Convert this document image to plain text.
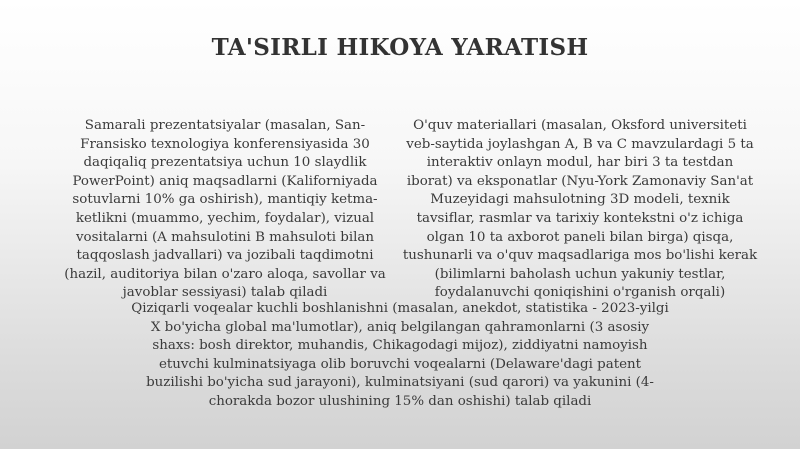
TA'SIRLI HIKOYA YARATISH

Samarali prezentatsiyalar (masalan, San-Fransisko texnologiya konferensiyasida 30 daqiqaliq prezentatsiya uchun 10 slaydlik PowerPoint) aniq maqsadlarni (Kaliforniyada sotuvlarni 10% ga oshirish), mantiqiy ketma-ketlikni (muammo, yechim, foydalar), vizual vositalarni (A mahsulotini B mahsuloti bilan taqqoslash jadvallari) va jozibali taqdimotni (hazil, auditoriya bilan o'zaro aloqa, savollar va javoblar sessiyasi) talab qiladi

O'quv materiallari (masalan, Oksford universiteti veb-saytida joylashgan A, B va C mavzulardagi 5 ta interaktiv onlayn modul, har biri 3 ta testdan iborat) va eksponatlar (Nyu-York Zamonaviy San'at Muzeyidagi mahsulotning 3D modeli, texnik tavsiflar, rasmlar va tarixiy kontekstni o'z ichiga olgan 10 ta axborot paneli bilan birga) qisqa, tushunarli va o'quv maqsadlariga mos bo'lishi kerak (bilimlarni baholash uchun yakuniy testlar, foydalanuvchi qoniqishini o'rganish orqali)

Qiziqarli voqealar kuchli boshlanishni (masalan, anekdot, statistika - 2023-yilgi X bo'yicha global ma'lumotlar), aniq belgilangan qahramonlarni (3 asosiy shaxs: bosh direktor, muhandis, Chikagodagi mijoz), ziddiyatni namoyish etuvchi kulminatsiyaga olib boruvchi voqealarni (Delaware'dagi patent buzilishi bo'yicha sud jarayoni), kulminatsiyani (sud qarori) va yakunini (4-chorakda bozor ulushining 15% dan oshishi) talab qiladi
